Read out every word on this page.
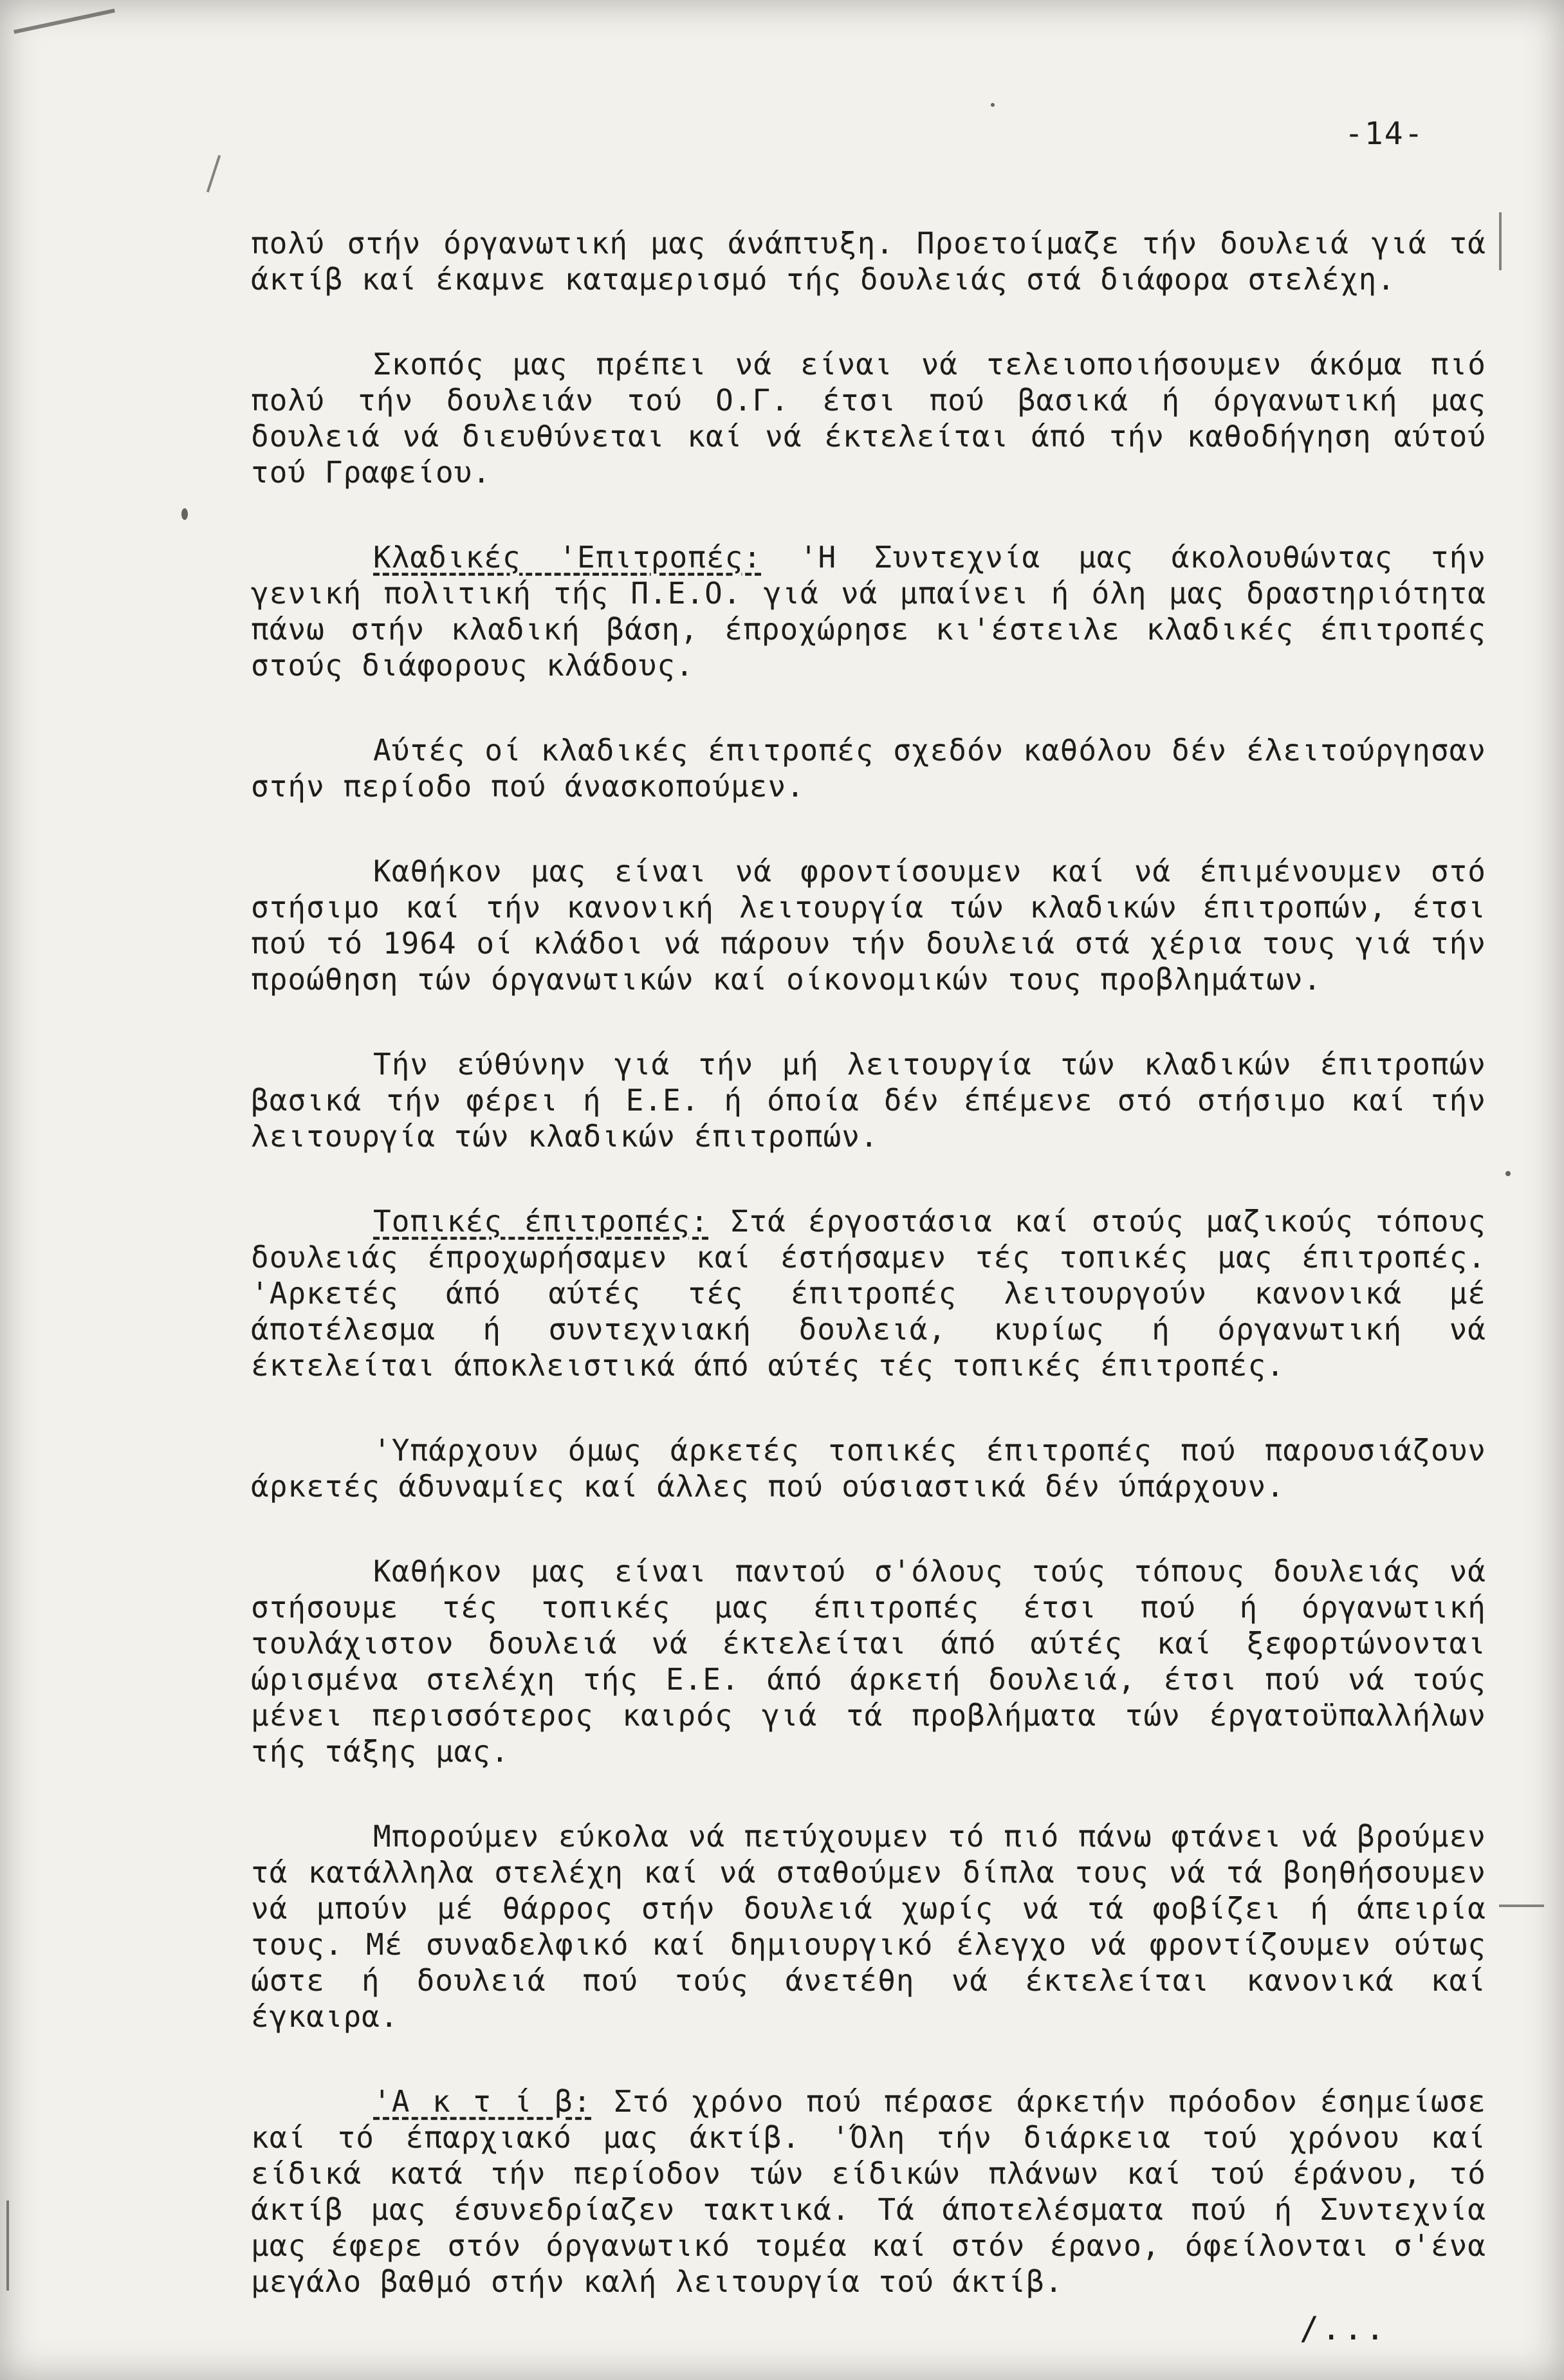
-14-

πολύ στήν όργανωτική μας άνάπτυξη. Προετοίμαζε τήν δουλειά γιά τά άκτίβ καί έκαμνε καταμερισμό τής δουλειάς στά διάφορα στελέχη.

Σκοπός μας πρέπει νά είναι νά τελειοποιήσουμεν άκόμα πιό πολύ τήν δουλειάν τού Ο.Γ. έτσι πού βασικά ή όργανωτική μας δουλειά νά διευθύνεται καί νά έκτελείται άπό τήν καθοδήγηση αύτού τού Γραφείου.

Κλαδικές 'Επιτροπές: 'Η Συντεχνία μας άκολουθώντας τήν γενική πολιτική τής Π.Ε.Ο. γιά νά μπαίνει ή όλη μας δραστηριότητα πάνω στήν κλαδική βάση, έπροχώρησε κι'έστειλε κλαδικές έπιτροπές στούς διάφορους κλάδους.

Αύτές οί κλαδικές έπιτροπές σχεδόν καθόλου δέν έλειτούργησαν στήν περίοδο πού άνασκοπούμεν.

Καθήκον μας είναι νά φροντίσουμεν καί νά έπιμένουμεν στό στήσιμο καί τήν κανονική λειτουργία τών κλαδικών έπιτροπών, έτσι πού τό 1964 οί κλάδοι νά πάρουν τήν δουλειά στά χέρια τους γιά τήν προώθηση τών όργανωτικών καί οίκονομικών τους προβλημάτων.

Τήν εύθύνην γιά τήν μή λειτουργία τών κλαδικών έπιτροπών βασικά τήν φέρει ή Ε.Ε. ή όποία δέν έπέμενε στό στήσιμο καί τήν λειτουργία τών κλαδικών έπιτροπών.

Τοπικές έπιτροπές: Στά έργοστάσια καί στούς μαζικούς τόπους δουλειάς έπροχωρήσαμεν καί έστήσαμεν τές τοπικές μας έπιτροπές. 'Αρκετές άπό αύτές τές έπιτροπές λειτουργούν κανονικά μέ άποτέλεσμα ή συντεχνιακή δουλειά, κυρίως ή όργανωτική νά έκτελείται άποκλειστικά άπό αύτές τές τοπικές έπιτροπές.

'Υπάρχουν όμως άρκετές τοπικές έπιτροπές πού παρουσιάζουν άρκετές άδυναμίες καί άλλες πού ούσιαστικά δέν ύπάρχουν.

Καθήκον μας είναι παντού σ'όλους τούς τόπους δουλειάς νά στήσουμε τές τοπικές μας έπιτροπές έτσι πού ή όργανωτική τουλάχιστον δουλειά νά έκτελείται άπό αύτές καί ξεφορτώνονται ώρισμένα στελέχη τής Ε.Ε. άπό άρκετή δουλειά, έτσι πού νά τούς μένει περισσότερος καιρός γιά τά προβλήματα τών έργατοϋπαλλήλων τής τάξης μας.

Μπορούμεν εύκολα νά πετύχουμεν τό πιό πάνω φτάνει νά βρούμεν τά κατάλληλα στελέχη καί νά σταθούμεν δίπλα τους νά τά βοηθήσουμεν νά μπούν μέ θάρρος στήν δουλειά χωρίς νά τά φοβίζει ή άπειρία τους. Μέ συναδελφικό καί δημιουργικό έλεγχο νά φροντίζουμεν ούτως ώστε ή δουλειά πού τούς άνετέθη νά έκτελείται κανονικά καί έγκαιρα.

'Α κ τ ί β: Στό χρόνο πού πέρασε άρκετήν πρόοδον έσημείωσε καί τό έπαρχιακό μας άκτίβ. 'Όλη τήν διάρκεια τού χρόνου καί είδικά κατά τήν περίοδον τών είδικών πλάνων καί τού έράνου, τό άκτίβ μας έσυνεδρίαζεν τακτικά. Τά άποτελέσματα πού ή Συντεχνία μας έφερε στόν όργανωτικό τομέα καί στόν έρανο, όφείλονται σ'ένα μεγάλο βαθμό στήν καλή λειτουργία τού άκτίβ.

/...
